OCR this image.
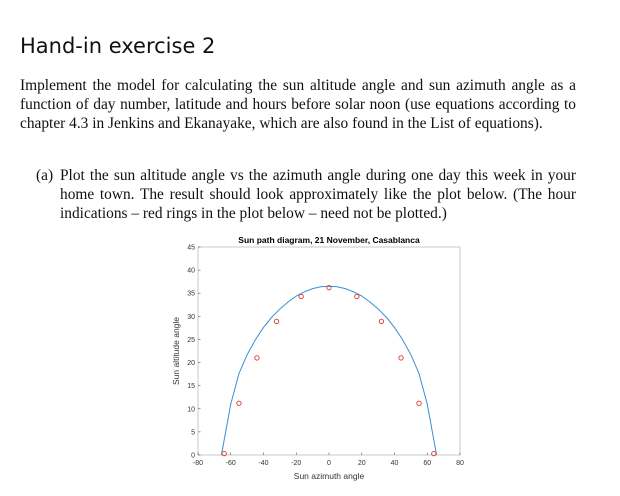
Hand-in exercise 2

Implement the model for calculating the sun altitude angle and sun azimuth angle as a function of day number, latitude and hours before solar noon (use equations according to chapter 4.3 in Jenkins and Ekanayake, which are also found in the List of equations).

(a) Plot the sun altitude angle vs the azimuth angle during one day this week in your home town. The result should look approximately like the plot below. (The hour indications – red rings in the plot below – need not be plotted.)
Sun path diagram, 21 November, Casablanca
Sun azimuth angle
Sun altitude angle
-80	-60	-40	-20	0	20	40	60	80
0
5
10
15
20
25
30
35
40
45
